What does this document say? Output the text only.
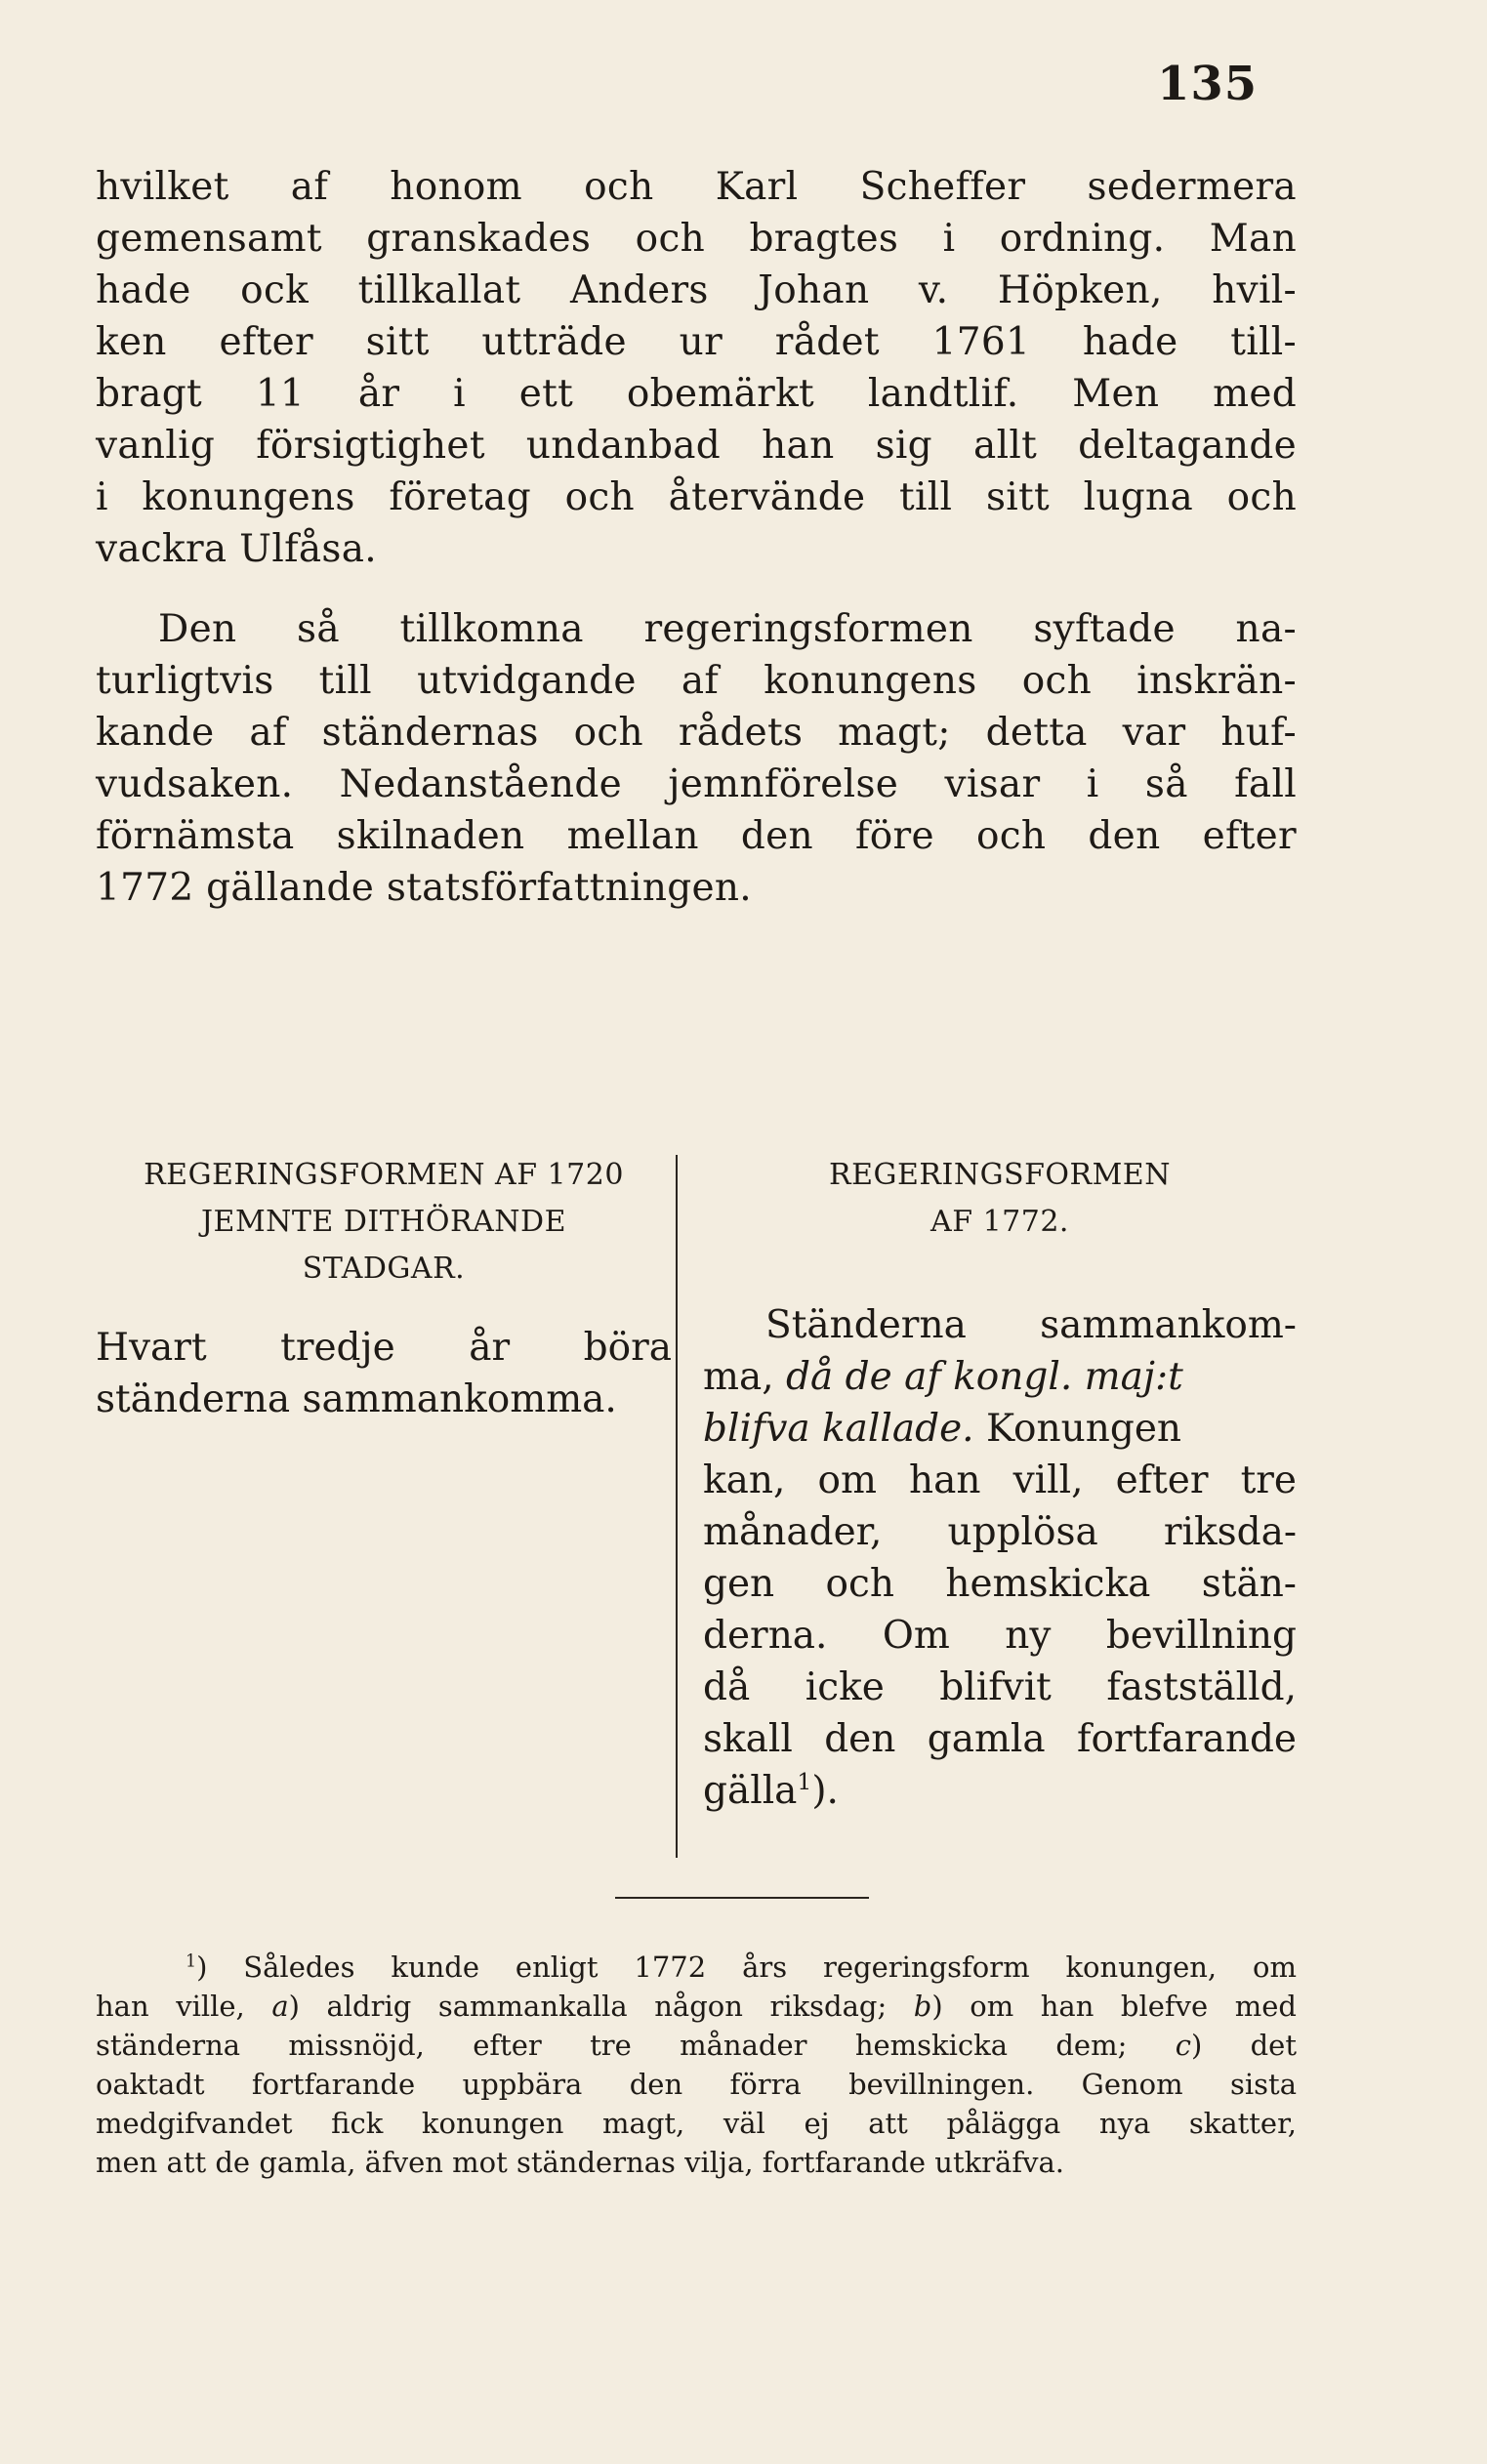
135
hvilket af honom och Karl Scheffer sedermera
gemensamt granskades och bragtes i ordning. Man
hade ock tillkallat Anders Johan v. Höpken, hvil-
ken efter sitt utträde ur rådet 1761 hade till-
bragt 11 år i ett obemärkt landtlif. Men med
vanlig försigtighet undanbad han sig allt deltagande
i konungens företag och återvände till sitt lugna och
vackra Ulfåsa.
Den så tillkomna regeringsformen syftade na-
turligtvis till utvidgande af konungens och inskrän-
kande af ständernas och rådets magt; detta var huf-
vudsaken. Nedanstående jemnförelse visar i så fall
förnämsta skilnaden mellan den före och den efter
1772 gällande statsförfattningen.
REGERINGSFORMEN AF 1720
JEMNTE DITHÖRANDE
STADGAR.
Hvart tredje år böra
ständerna sammankomma.
REGERINGSFORMEN
AF 1772.
Ständerna sammankom-
ma, då de af kongl. maj:t
blifva kallade. Konungen
kan, om han vill, efter tre
månader, upplösa riksda-
gen och hemskicka stän-
derna. Om ny bevillning
då icke blifvit fastställd,
skall den gamla fortfarande
gälla$^1$).
$^1$) Således kunde enligt 1772 års regeringsform konungen, om
han ville, a) aldrig sammankalla någon riksdag; b) om han blefve med
ständerna missnöjd, efter tre månader hemskicka dem; c) det
oaktadt fortfarande uppbära den förra bevillningen. Genom sista
medgifvandet fick konungen magt, väl ej att pålägga nya skatter,
men att de gamla, äfven mot ständernas vilja, fortfarande utkräfva.
